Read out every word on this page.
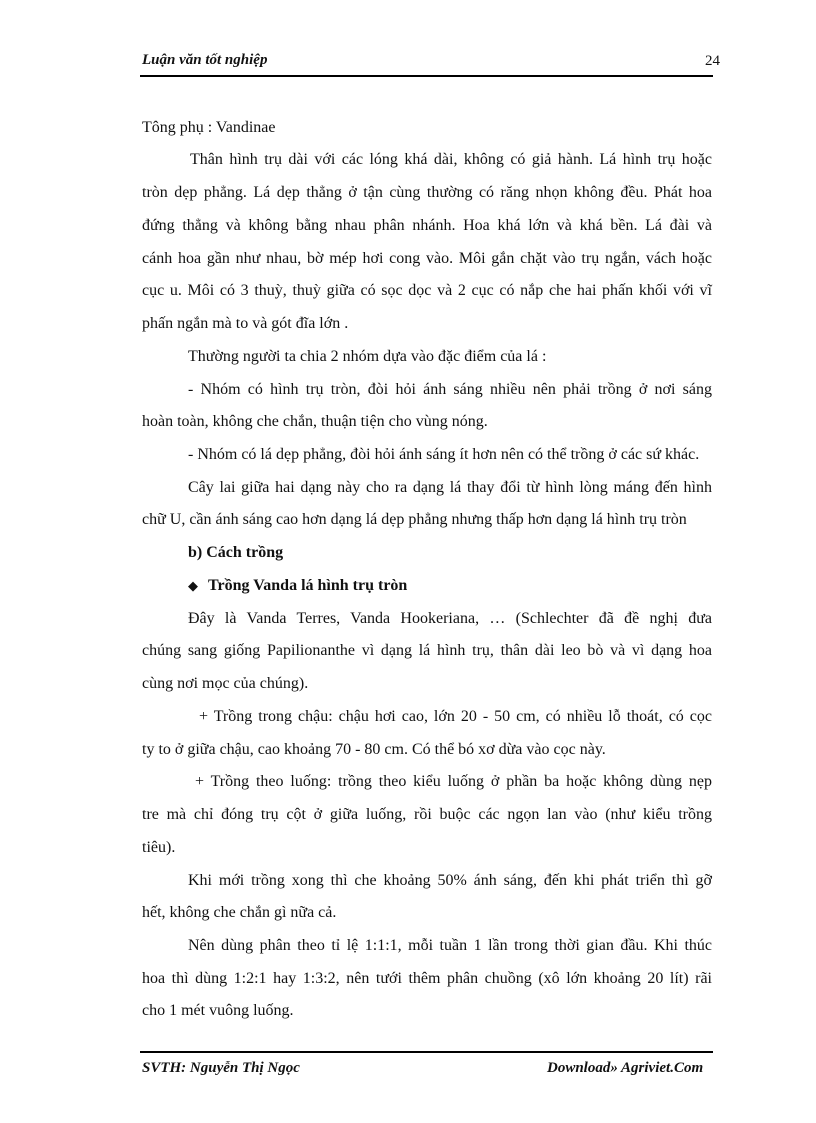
Luận văn tốt nghiệp	24
Tông phụ : Vandinae
Thân hình trụ dài với các lóng khá dài, không có giả hành. Lá hình trụ hoặc
tròn dẹp phẳng. Lá dẹp thẳng ở tận cùng thường có răng nhọn không đều. Phát hoa
đứng thẳng và không bằng nhau phân nhánh. Hoa khá lớn và khá bền. Lá đài và
cánh hoa gần như nhau, bờ mép hơi cong vào. Môi gắn chặt vào trụ ngắn, vách hoặc
cục u. Môi có 3 thuỳ, thuỳ giữa có sọc dọc và 2 cục có nắp che hai phấn khối với vĩ
phấn ngắn mà to và gót đĩa lớn .
Thường người ta chia 2 nhóm dựa vào đặc điểm của lá :
- Nhóm có hình trụ tròn, đòi hỏi ánh sáng nhiều nên phải trồng ở nơi sáng
hoàn toàn, không che chắn, thuận tiện cho vùng nóng.
- Nhóm có lá dẹp phẳng, đòi hỏi ánh sáng ít hơn nên có thể trồng ở các sứ khác.
Cây lai giữa hai dạng này cho ra dạng lá thay đổi từ hình lòng máng đến hình
chữ U, cần ánh sáng cao hơn dạng lá dẹp phẳng nhưng thấp hơn dạng lá hình trụ tròn
b) Cách trồng
◆ Trồng Vanda lá hình trụ tròn
Đây là Vanda Terres, Vanda Hookeriana, … (Schlechter đã đề nghị đưa
chúng sang giống Papilionanthe vì dạng lá hình trụ, thân dài leo bò và vì dạng hoa
cùng nơi mọc của chúng).
+ Trồng trong chậu: chậu hơi cao, lớn 20 - 50 cm, có nhiều lỗ thoát, có cọc
ty to ở giữa chậu, cao khoảng 70 - 80 cm. Có thể bó xơ dừa vào cọc này.
+ Trồng theo luống: trồng theo kiểu luống ở phần ba hoặc không dùng nẹp
tre mà chỉ đóng trụ cột ở giữa luống, rồi buộc các ngọn lan vào (như kiểu trồng
tiêu).
Khi mới trồng xong thì che khoảng 50% ánh sáng, đến khi phát triển thì gỡ
hết, không che chắn gì nữa cả.
Nên dùng phân theo tỉ lệ 1:1:1, mỗi tuần 1 lần trong thời gian đầu. Khi thúc
hoa thì dùng 1:2:1 hay 1:3:2, nên tưới thêm phân chuồng (xô lớn khoảng 20 lít) rãi
cho 1 mét vuông luống.
SVTH: Nguyễn Thị Ngọc	Download» Agriviet.Com
